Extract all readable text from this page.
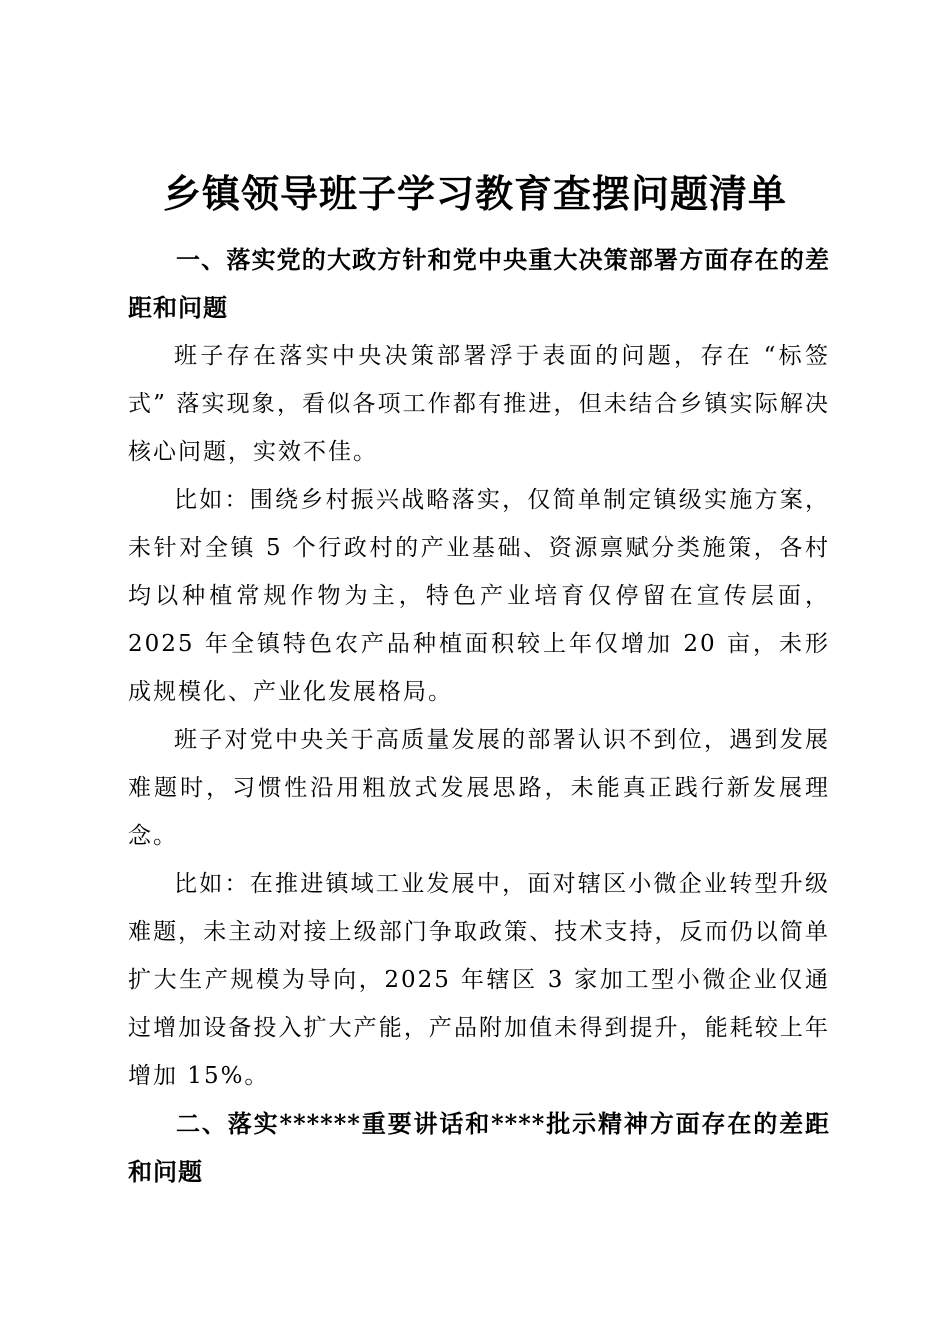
乡镇领导班子学习教育查摆问题清单

一、落实党的大政方针和党中央重大决策部署方面存在的差距和问题

班子存在落实中央决策部署浮于表面的问题，存在 “标签式” 落实现象，看似各项工作都有推进，但未结合乡镇实际解决核心问题，实效不佳。

比如：围绕乡村振兴战略落实，仅简单制定镇级实施方案，未针对全镇 5 个行政村的产业基础、资源禀赋分类施策，各村均以种植常规作物为主，特色产业培育仅停留在宣传层面，2025 年全镇特色农产品种植面积较上年仅增加 20 亩，未形成规模化、产业化发展格局。

班子对党中央关于高质量发展的部署认识不到位，遇到发展难题时，习惯性沿用粗放式发展思路，未能真正践行新发展理念。

比如：在推进镇域工业发展中，面对辖区小微企业转型升级难题，未主动对接上级部门争取政策、技术支持，反而仍以简单扩大生产规模为导向，2025 年辖区 3 家加工型小微企业仅通过增加设备投入扩大产能，产品附加值未得到提升，能耗较上年增加 15%。

二、落实******重要讲话和****批示精神方面存在的差距和问题
